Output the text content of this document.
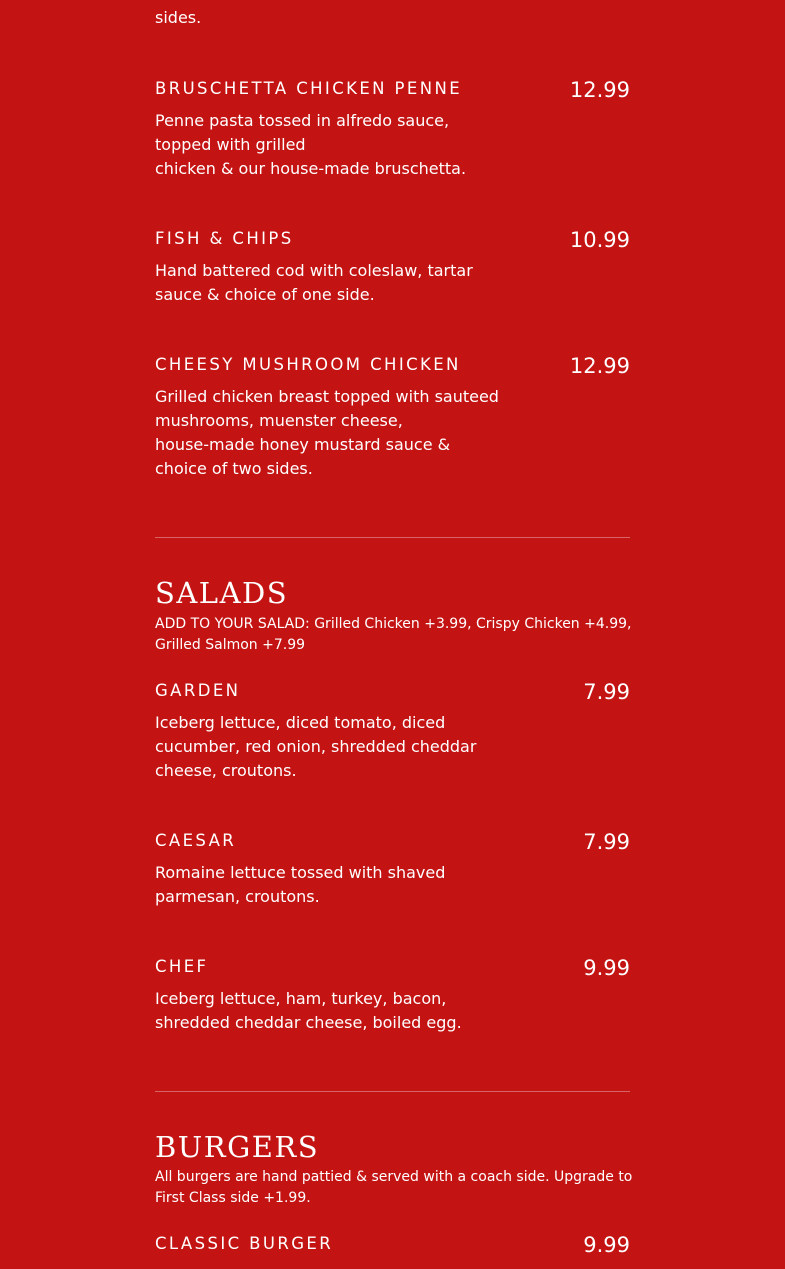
sides.
BRUSCHETTA CHICKEN PENNE	12.99
Penne pasta tossed in alfredo sauce,
topped with grilled
chicken & our house-made bruschetta.
FISH & CHIPS	10.99
Hand battered cod with coleslaw, tartar
sauce & choice of one side.
CHEESY MUSHROOM CHICKEN	12.99
Grilled chicken breast topped with sauteed
mushrooms, muenster cheese,
house-made honey mustard sauce &
choice of two sides.
SALADS
ADD TO YOUR SALAD: Grilled Chicken +3.99, Crispy Chicken +4.99, Grilled Salmon +7.99
GARDEN	7.99
Iceberg lettuce, diced tomato, diced
cucumber, red onion, shredded cheddar
cheese, croutons.
CAESAR	7.99
Romaine lettuce tossed with shaved
parmesan, croutons.
CHEF	9.99
Iceberg lettuce, ham, turkey, bacon,
shredded cheddar cheese, boiled egg.
BURGERS
All burgers are hand pattied & served with a coach side. Upgrade to First Class side +1.99.
CLASSIC BURGER	9.99
